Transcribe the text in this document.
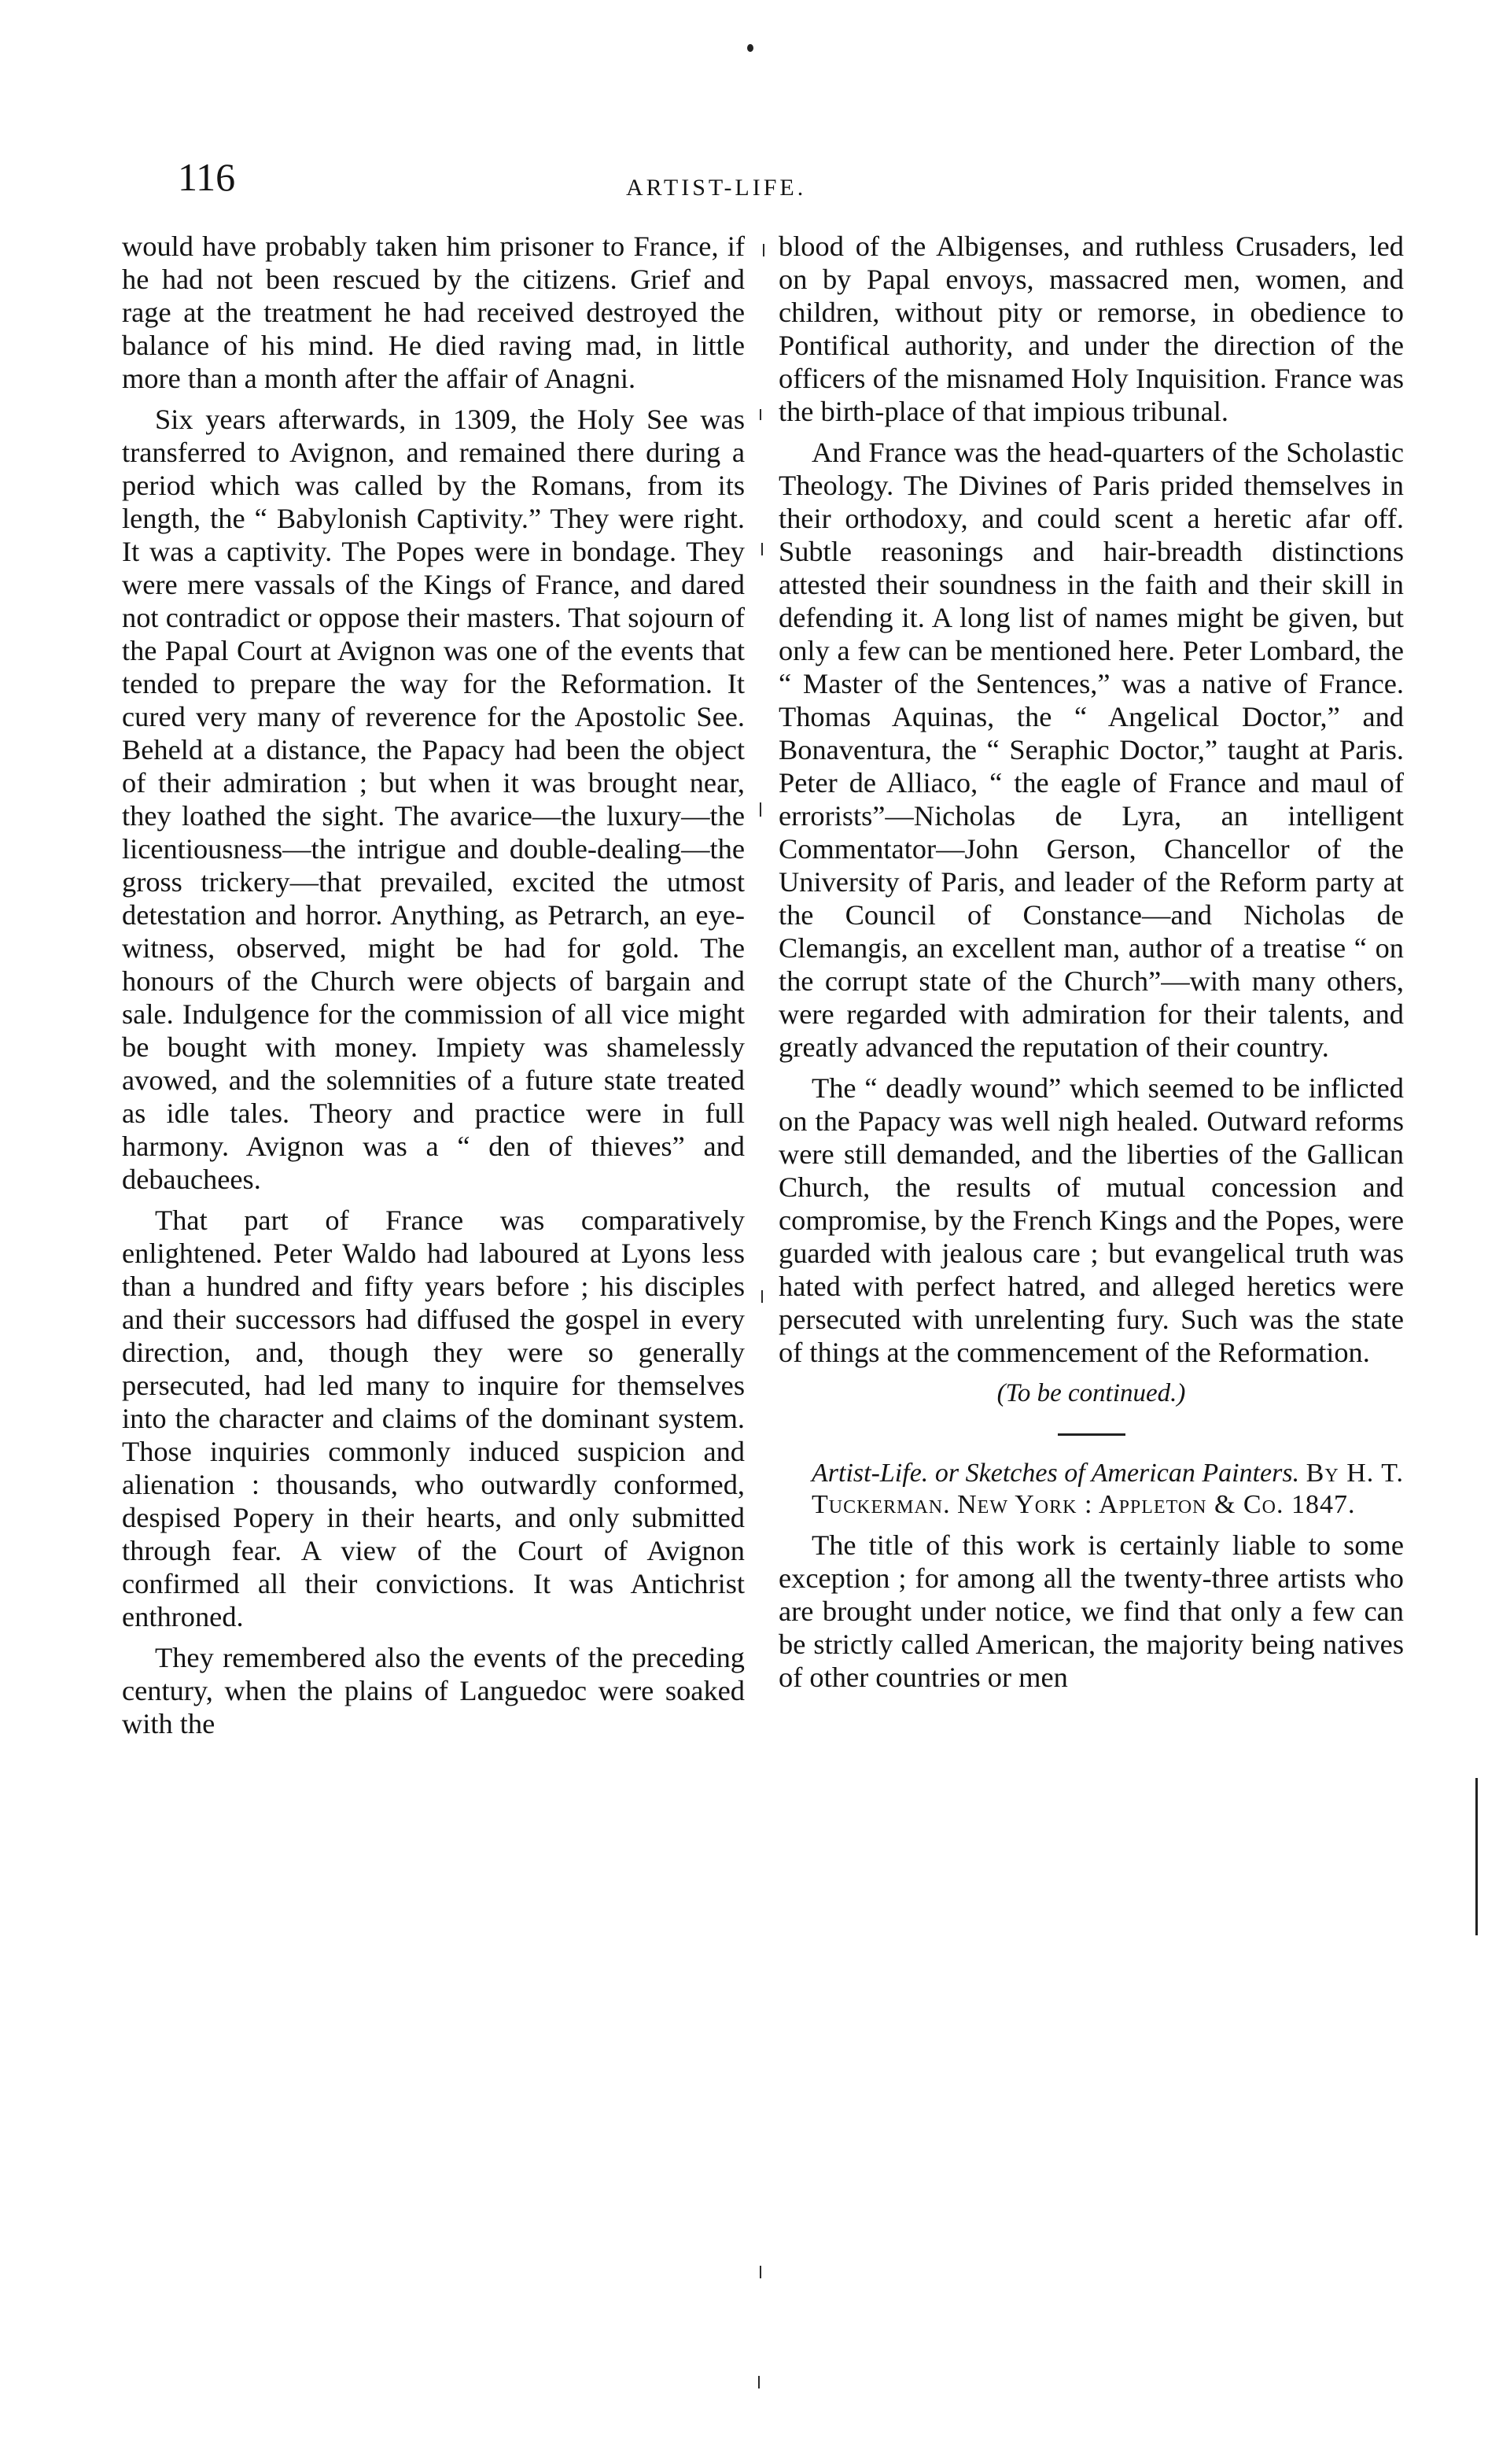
116	ARTIST-LIFE.

would have probably taken him prisoner to France, if he had not been rescued by the citizens. Grief and rage at the treatment he had received destroyed the balance of his mind. He died raving mad, in little more than a month after the affair of Anagni.

Six years afterwards, in 1309, the Holy See was transferred to Avignon, and remained there during a period which was called by the Romans, from its length, the “ Babylonish Captivity.” They were right. It was a captivity. The Popes were in bondage. They were mere vassals of the Kings of France, and dared not contradict or oppose their masters. That sojourn of the Papal Court at Avignon was one of the events that tended to prepare the way for the Reformation. It cured very many of reverence for the Apostolic See. Beheld at a distance, the Papacy had been the object of their admiration ; but when it was brought near, they loathed the sight. The avarice—the luxury—the licentiousness—the intrigue and double-dealing—the gross trickery—that prevailed, excited the utmost detestation and horror. Anything, as Petrarch, an eye-witness, observed, might be had for gold. The honours of the Church were objects of bargain and sale. Indulgence for the commission of all vice might be bought with money. Impiety was shamelessly avowed, and the solemnities of a future state treated as idle tales. Theory and practice were in full harmony. Avignon was a “ den of thieves” and debauchees.

That part of France was comparatively enlightened. Peter Waldo had laboured at Lyons less than a hundred and fifty years before ; his disciples and their successors had diffused the gospel in every direction, and, though they were so generally persecuted, had led many to inquire for themselves into the character and claims of the dominant system. Those inquiries commonly induced suspicion and alienation : thousands, who outwardly conformed, despised Popery in their hearts, and only submitted through fear. A view of the Court of Avignon confirmed all their convictions. It was Antichrist enthroned.

They remembered also the events of the preceding century, when the plains of Languedoc were soaked with the

blood of the Albigenses, and ruthless Crusaders, led on by Papal envoys, massacred men, women, and children, without pity or remorse, in obedience to Pontifical authority, and under the direction of the officers of the misnamed Holy Inquisition. France was the birth-place of that impious tribunal.

And France was the head-quarters of the Scholastic Theology. The Divines of Paris prided themselves in their orthodoxy, and could scent a heretic afar off. Subtle reasonings and hair-breadth distinctions attested their soundness in the faith and their skill in defending it. A long list of names might be given, but only a few can be mentioned here. Peter Lombard, the “ Master of the Sentences,” was a native of France. Thomas Aquinas, the “ Angelical Doctor,” and Bonaventura, the “ Seraphic Doctor,” taught at Paris. Peter de Alliaco, “ the eagle of France and maul of errorists”—Nicholas de Lyra, an intelligent Commentator—John Gerson, Chancellor of the University of Paris, and leader of the Reform party at the Council of Constance—and Nicholas de Clemangis, an excellent man, author of a treatise “ on the corrupt state of the Church”—with many others, were regarded with admiration for their talents, and greatly advanced the reputation of their country.

The “ deadly wound” which seemed to be inflicted on the Papacy was well nigh healed. Outward reforms were still demanded, and the liberties of the Gallican Church, the results of mutual concession and compromise, by the French Kings and the Popes, were guarded with jealous care ; but evangelical truth was hated with perfect hatred, and alleged heretics were persecuted with unrelenting fury. Such was the state of things at the commencement of the Reformation.

(To be continued.)

Artist-Life. or Sketches of American Painters. By H. T. Tuckerman. New York : Appleton & Co. 1847.

The title of this work is certainly liable to some exception ; for among all the twenty-three artists who are brought under notice, we find that only a few can be strictly called American, the majority being natives of other countries or men
